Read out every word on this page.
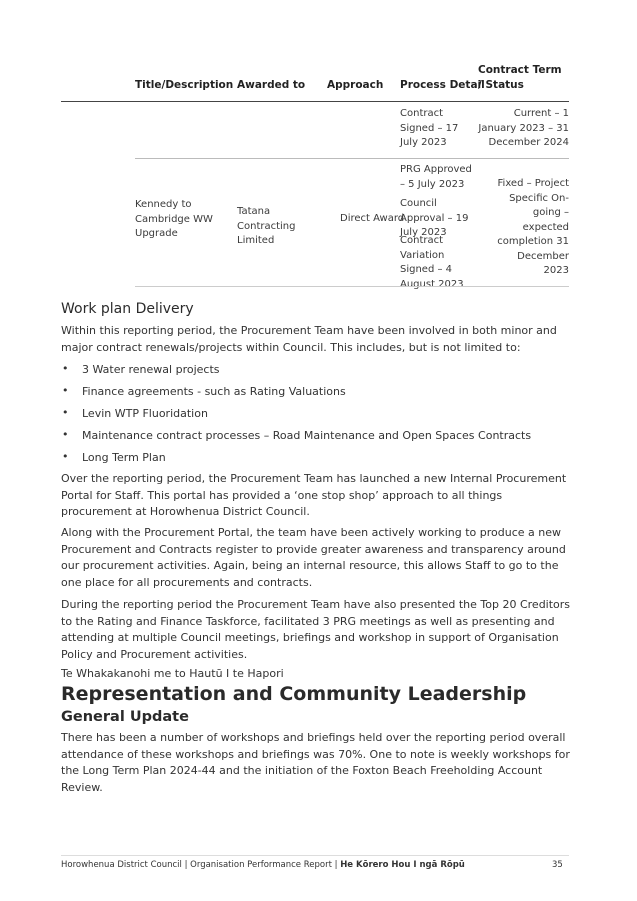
Title/Description Awarded to Approach Process Detail
Contract Term / Status
Contract Signed – 17 July 2023
Current – 1 January 2023 – 31 December 2024
Kennedy to Cambridge WW Upgrade
Tatana Contracting Limited
Direct Award
PRG Approved – 5 July 2023
Council Approval – 19 July 2023
Contract Variation Signed – 4 August 2023
Fixed – Project Specific On-going – expected completion 31 December 2023
Work plan Delivery
Within this reporting period, the Procurement Team have been involved in both minor and major contract renewals/projects within Council. This includes, but is not limited to:
• 3 Water renewal projects
• Finance agreements - such as Rating Valuations
• Levin WTP Fluoridation
• Maintenance contract processes – Road Maintenance and Open Spaces Contracts
• Long Term Plan
Over the reporting period, the Procurement Team has launched a new Internal Procurement Portal for Staff. This portal has provided a ‘one stop shop’ approach to all things procurement at Horowhenua District Council.
Along with the Procurement Portal, the team have been actively working to produce a new Procurement and Contracts register to provide greater awareness and transparency around our procurement activities. Again, being an internal resource, this allows Staff to go to the one place for all procurements and contracts.
During the reporting period the Procurement Team have also presented the Top 20 Creditors to the Rating and Finance Taskforce, facilitated 3 PRG meetings as well as presenting and attending at multiple Council meetings, briefings and workshop in support of Organisation Policy and Procurement activities.
Te Whakakanohi me to Hautū I te Hapori
Representation and Community Leadership
General Update
There has been a number of workshops and briefings held over the reporting period overall attendance of these workshops and briefings was 70%. One to note is weekly workshops for the Long Term Plan 2024-44 and the initiation of the Foxton Beach Freeholding Account Review.
Horowhenua District Council | Organisation Performance Report | He Kōrero Hou I ngā Rōpū	35
